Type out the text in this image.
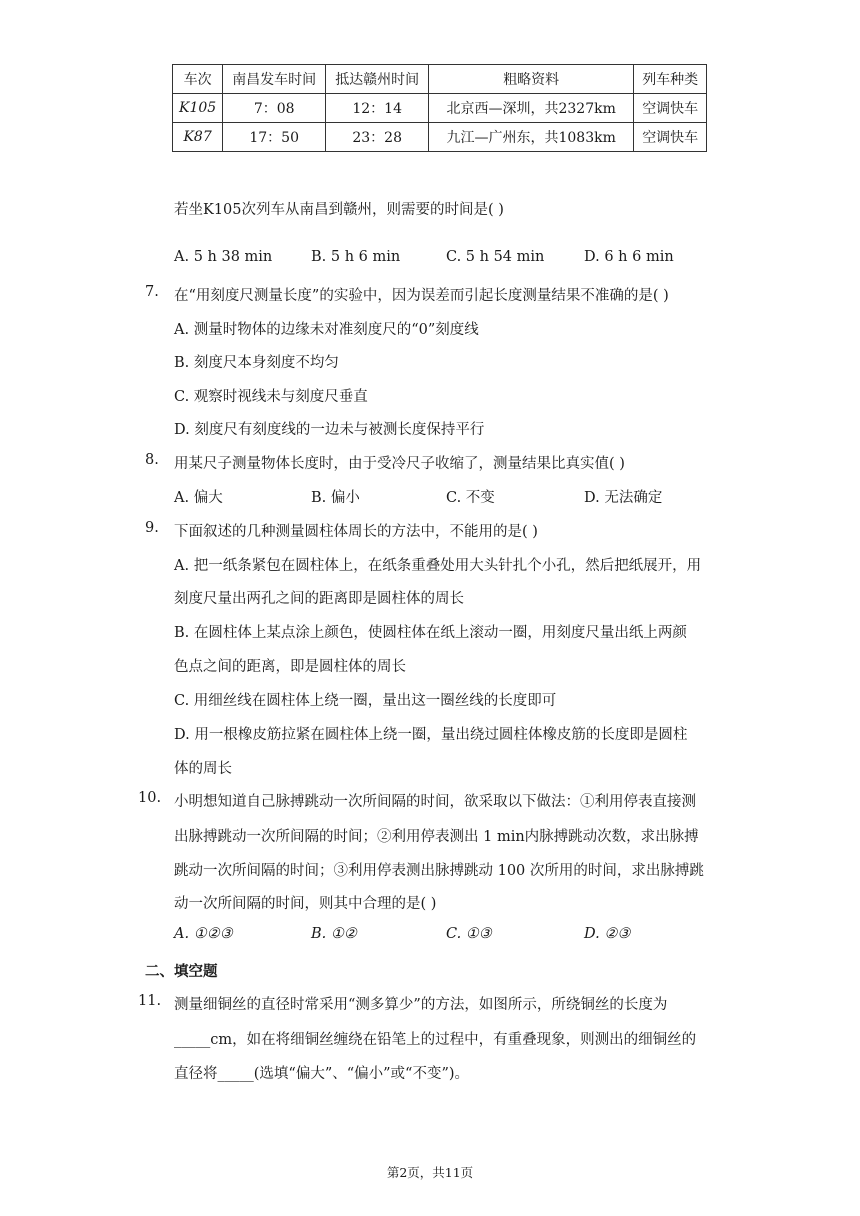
车次	南昌发车时间	抵达赣州时间	粗略资料	列车种类
K105	7：08	12：14	北京西—深圳，共2327km	空调快车
K87	17：50	23：28	九江—广州东，共1083km	空调快车
若坐K105次列车从南昌到赣州，则需要的时间是( )
A. 5 h 38 min	B. 5 h 6 min	C. 5 h 54 min	D. 6 h 6 min
7. 在“用刻度尺测量长度”的实验中，因为误差而引起长度测量结果不准确的是( )
A. 测量时物体的边缘未对准刻度尺的“0”刻度线
B. 刻度尺本身刻度不均匀
C. 观察时视线未与刻度尺垂直
D. 刻度尺有刻度线的一边未与被测长度保持平行
8. 用某尺子测量物体长度时，由于受冷尺子收缩了，测量结果比真实值( )
A. 偏大	B. 偏小	C. 不变	D. 无法确定
9. 下面叙述的几种测量圆柱体周长的方法中，不能用的是( )
A. 把一纸条紧包在圆柱体上，在纸条重叠处用大头针扎个小孔，然后把纸展开，用
刻度尺量出两孔之间的距离即是圆柱体的周长
B. 在圆柱体上某点涂上颜色，使圆柱体在纸上滚动一圈，用刻度尺量出纸上两颜
色点之间的距离，即是圆柱体的周长
C. 用细丝线在圆柱体上绕一圈，量出这一圈丝线的长度即可
D. 用一根橡皮筋拉紧在圆柱体上绕一圈，量出绕过圆柱体橡皮筋的长度即是圆柱
体的周长
10. 小明想知道自己脉搏跳动一次所间隔的时间，欲采取以下做法：①利用停表直接测
出脉搏跳动一次所间隔的时间；②利用停表测出 1 min内脉搏跳动次数，求出脉搏
跳动一次所间隔的时间；③利用停表测出脉搏跳动 100 次所用的时间，求出脉搏跳
动一次所间隔的时间，则其中合理的是( )
A. ①②③	B. ①②	C. ①③	D. ②③
二、填空题
11. 测量细铜丝的直径时常采用“测多算少”的方法，如图所示，所绕铜丝的长度为
_____cm，如在将细铜丝缠绕在铅笔上的过程中，有重叠现象，则测出的细铜丝的
直径将_____(选填“偏大”、“偏小”或“不变”)。
第2页，共11页
